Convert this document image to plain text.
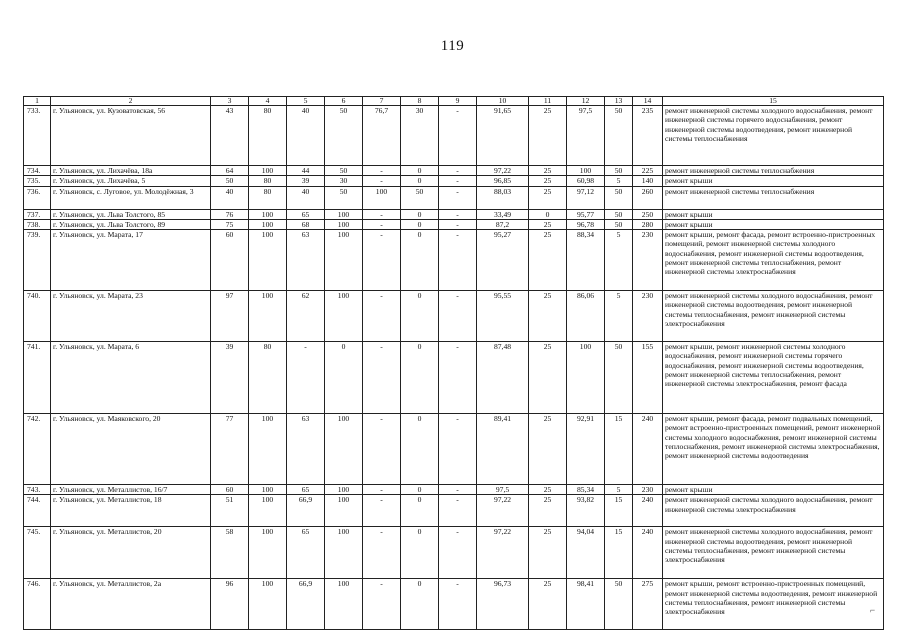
119
1	2	3	4	5	6	7	8	9	10	11	12	13	14	15
733.	г. Ульяновск, ул. Кузоватовская, 56	43	80	40	50	76,7	30	-	91,65	25	97,5	50	235	ремонт инженерной системы холодного водоснабжения, ремонт инженерной системы горячего водоснабжения, ремонт инженерной системы водоотведения, ремонт инженерной системы теплоснабжения
734.	г. Ульяновск, ул. Лихачёва, 18а	64	100	44	50	-	0	-	97,22	25	100	50	225	ремонт инженерной системы теплоснабжения
735.	г. Ульяновск, ул. Лихачёва, 5	50	80	39	30	-	0	-	96,85	25	60,98	5	140	ремонт крыши
736.	г. Ульяновск, с. Луговое, ул. Молодёжная, 3	40	80	40	50	100	50	-	88,03	25	97,12	50	260	ремонт инженерной системы теплоснабжения
737.	г. Ульяновск, ул. Льва Толстого, 85	76	100	65	100	-	0	-	33,49	0	95,77	50	250	ремонт крыши
738.	г. Ульяновск, ул. Льва Толстого, 89	75	100	68	100	-	0	-	87,2	25	96,78	50	280	ремонт крыши
739.	г. Ульяновск, ул. Марата, 17	60	100	63	100	-	0	-	95,27	25	88,34	5	230	ремонт крыши, ремонт фасада, ремонт встроенно-пристроенных помещений, ремонт инженерной системы холодного водоснабжения, ремонт инженерной системы водоотведения, ремонт инженерной системы теплоснабжения, ремонт инженерной системы электроснабжения
740.	г. Ульяновск, ул. Марата, 23	97	100	62	100	-	0	-	95,55	25	86,06	5	230	ремонт инженерной системы холодного водоснабжения, ремонт инженерной системы водоотведения, ремонт инженерной системы теплоснабжения, ремонт инженерной системы электроснабжения
741.	г. Ульяновск, ул. Марата, 6	39	80	-	0	-	0	-	87,48	25	100	50	155	ремонт крыши, ремонт инженерной системы холодного водоснабжения, ремонт инженерной системы горячего водоснабжения, ремонт инженерной системы водоотведения, ремонт инженерной системы теплоснабжения, ремонт инженерной системы электроснабжения, ремонт фасада
742.	г. Ульяновск, ул. Маяковского, 20	77	100	63	100	-	0	-	89,41	25	92,91	15	240	ремонт крыши, ремонт фасада, ремонт подвальных помещений, ремонт встроенно-пристроенных помещений, ремонт инженерной системы холодного водоснабжения, ремонт инженерной системы теплоснабжения, ремонт инженерной системы электроснабжения, ремонт инженерной системы водоотведения
743.	г. Ульяновск, ул. Металлистов, 16/7	60	100	65	100	-	0	-	97,5	25	85,34	5	230	ремонт крыши
744.	г. Ульяновск, ул. Металлистов, 18	51	100	66,9	100	-	0	-	97,22	25	93,82	15	240	ремонт инженерной системы холодного водоснабжения, ремонт инженерной системы электроснабжения
745.	г. Ульяновск, ул. Металлистов, 20	58	100	65	100	-	0	-	97,22	25	94,04	15	240	ремонт инженерной системы холодного водоснабжения, ремонт инженерной системы водоотведения, ремонт инженерной системы теплоснабжения, ремонт инженерной системы электроснабжения
746.	г. Ульяновск, ул. Металлистов, 2а	96	100	66,9	100	-	0	-	96,73	25	98,41	50	275	ремонт крыши, ремонт встроенно-пристроенных помещений, ремонт инженерной системы водоотведения, ремонт инженерной системы теплоснабжения, ремонт инженерной системы электроснабжения	⌐
